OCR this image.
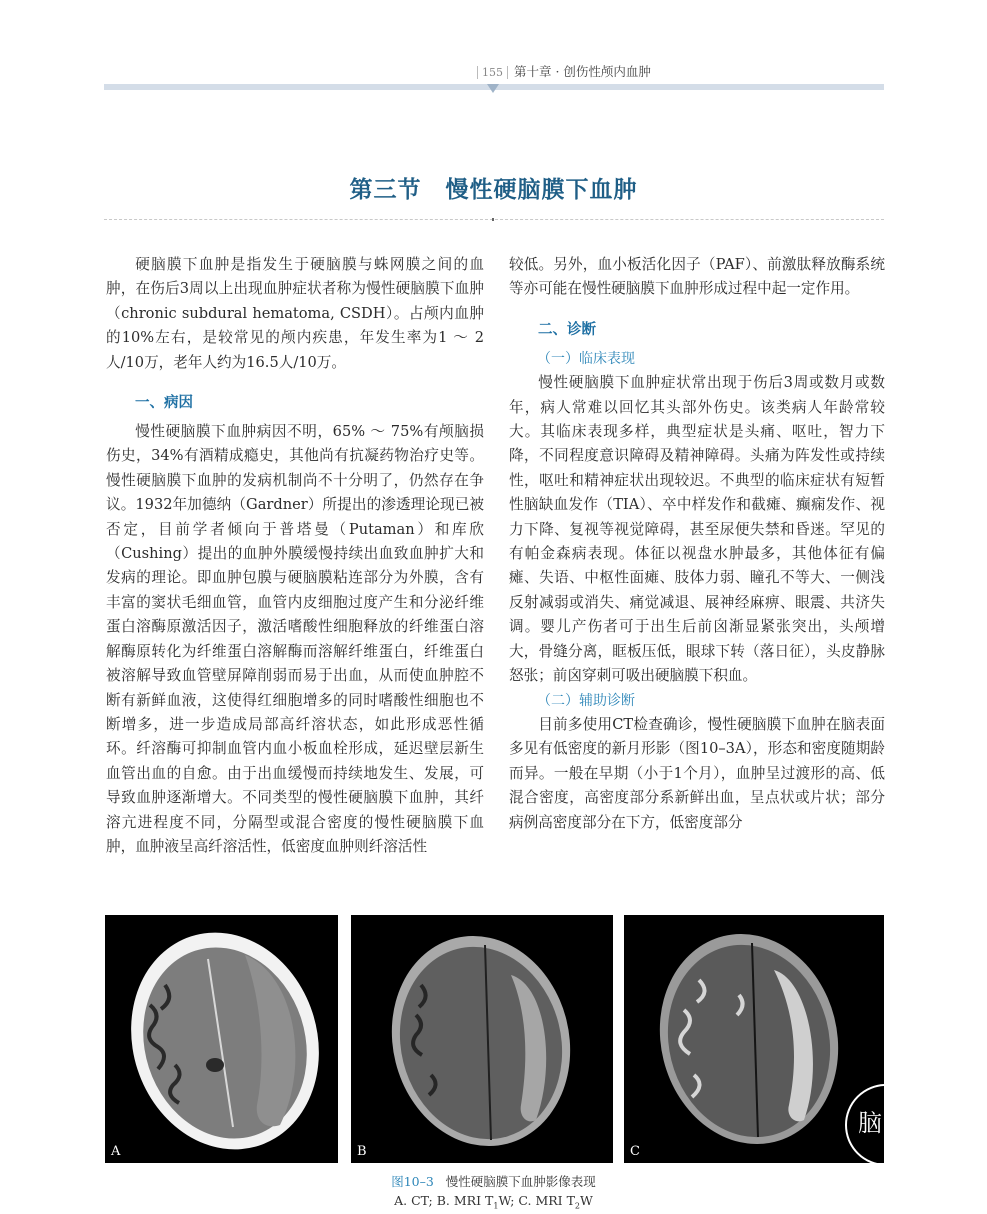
155 第十章 · 创伤性颅内血肿
第三节　慢性硬脑膜下血肿

硬脑膜下血肿是指发生于硬脑膜与蛛网膜之间的血肿，在伤后3周以上出现血肿症状者称为慢性硬脑膜下血肿（chronic subdural hematoma, CSDH）。占颅内血肿的10%左右，是较常见的颅内疾患，年发生率为1 ～ 2人/10万，老年人约为16.5人/10万。

一、病因

慢性硬脑膜下血肿病因不明，65% ～ 75%有颅脑损伤史，34%有酒精成瘾史，其他尚有抗凝药物治疗史等。慢性硬脑膜下血肿的发病机制尚不十分明了，仍然存在争议。1932年加德纳（Gardner）所提出的渗透理论现已被否定，目前学者倾向于普塔曼（Putaman）和库欣（Cushing）提出的血肿外膜缓慢持续出血致血肿扩大和发病的理论。即血肿包膜与硬脑膜粘连部分为外膜，含有丰富的窦状毛细血管，血管内皮细胞过度产生和分泌纤维蛋白溶酶原激活因子，激活嗜酸性细胞释放的纤维蛋白溶解酶原转化为纤维蛋白溶解酶而溶解纤维蛋白，纤维蛋白被溶解导致血管壁屏障削弱而易于出血，从而使血肿腔不断有新鲜血液，这使得红细胞增多的同时嗜酸性细胞也不断增多，进一步造成局部高纤溶状态，如此形成恶性循环。纤溶酶可抑制血管内血小板血栓形成，延迟壁层新生血管出血的自愈。由于出血缓慢而持续地发生、发展，可导致血肿逐渐增大。不同类型的慢性硬脑膜下血肿，其纤溶亢进程度不同，分隔型或混合密度的慢性硬脑膜下血肿，血肿液呈高纤溶活性，低密度血肿则纤溶活性

较低。另外，血小板活化因子（PAF）、前激肽释放酶系统等亦可能在慢性硬脑膜下血肿形成过程中起一定作用。

二、诊断
（一）临床表现

慢性硬脑膜下血肿症状常出现于伤后3周或数月或数年，病人常难以回忆其头部外伤史。该类病人年龄常较大。其临床表现多样，典型症状是头痛、呕吐，智力下降，不同程度意识障碍及精神障碍。头痛为阵发性或持续性，呕吐和精神症状出现较迟。不典型的临床症状有短暂性脑缺血发作（TIA）、卒中样发作和截瘫、癫痫发作、视力下降、复视等视觉障碍，甚至尿便失禁和昏迷。罕见的有帕金森病表现。体征以视盘水肿最多，其他体征有偏瘫、失语、中枢性面瘫、肢体力弱、瞳孔不等大、一侧浅反射减弱或消失、痛觉减退、展神经麻痹、眼震、共济失调。婴儿产伤者可于出生后前囟渐显紧张突出，头颅增大，骨缝分离，眶板压低，眼球下转（落日征），头皮静脉怒张；前囟穿刺可吸出硬脑膜下积血。

（二）辅助诊断

目前多使用CT检查确诊，慢性硬脑膜下血肿在脑表面多见有低密度的新月形影（图10–3A），形态和密度随期龄而异。一般在早期（小于1个月），血肿呈过渡形的高、低混合密度，高密度部分系新鲜出血，呈点状或片状；部分病例高密度部分在下方，低密度部分

A	B
脑
C
图10–3 慢性硬脑膜下血肿影像表现
A. CT; B. MRI $T_1W$; C. MRI $T_2W$
